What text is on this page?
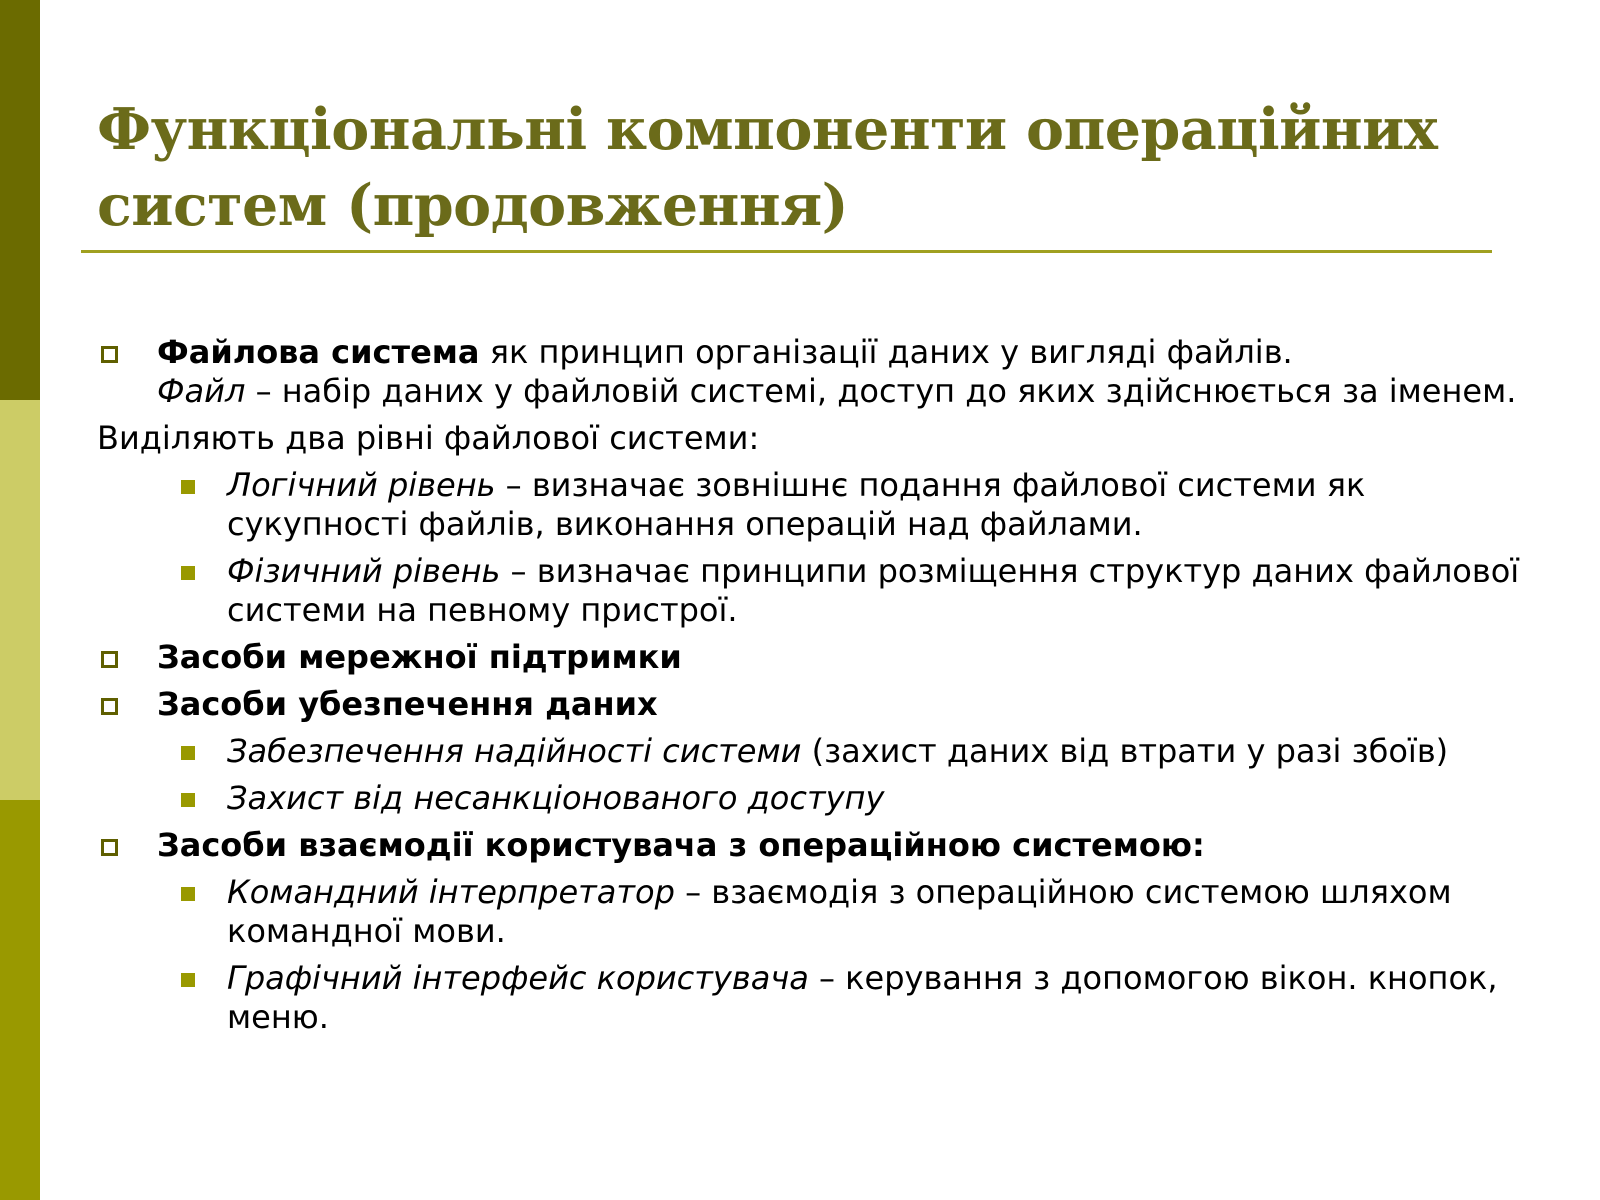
Функціональні компоненти операційних
систем (продовження)

Файлова система як принцип організації даних у вигляді файлів.
Файл – набір даних у файловій системі, доступ до яких здійснюється за іменем.

Виділяють два рівні файлової системи:

Логічний рівень – визначає зовнішнє подання файлової системи як сукупності файлів, виконання операцій над файлами.

Фізичний рівень – визначає принципи розміщення структур даних файлової системи на певному пристрої.

Засоби мережної підтримки

Засоби убезпечення даних

Забезпечення надійності системи (захист даних від втрати у разі збоїв)

Захист від несанкціонованого доступу

Засоби взаємодії користувача з операційною системою:

Командний інтерпретатор – взаємодія з операційною системою шляхом командної мови.

Графічний інтерфейс користувача – керування з допомогою вікон. кнопок, меню.
